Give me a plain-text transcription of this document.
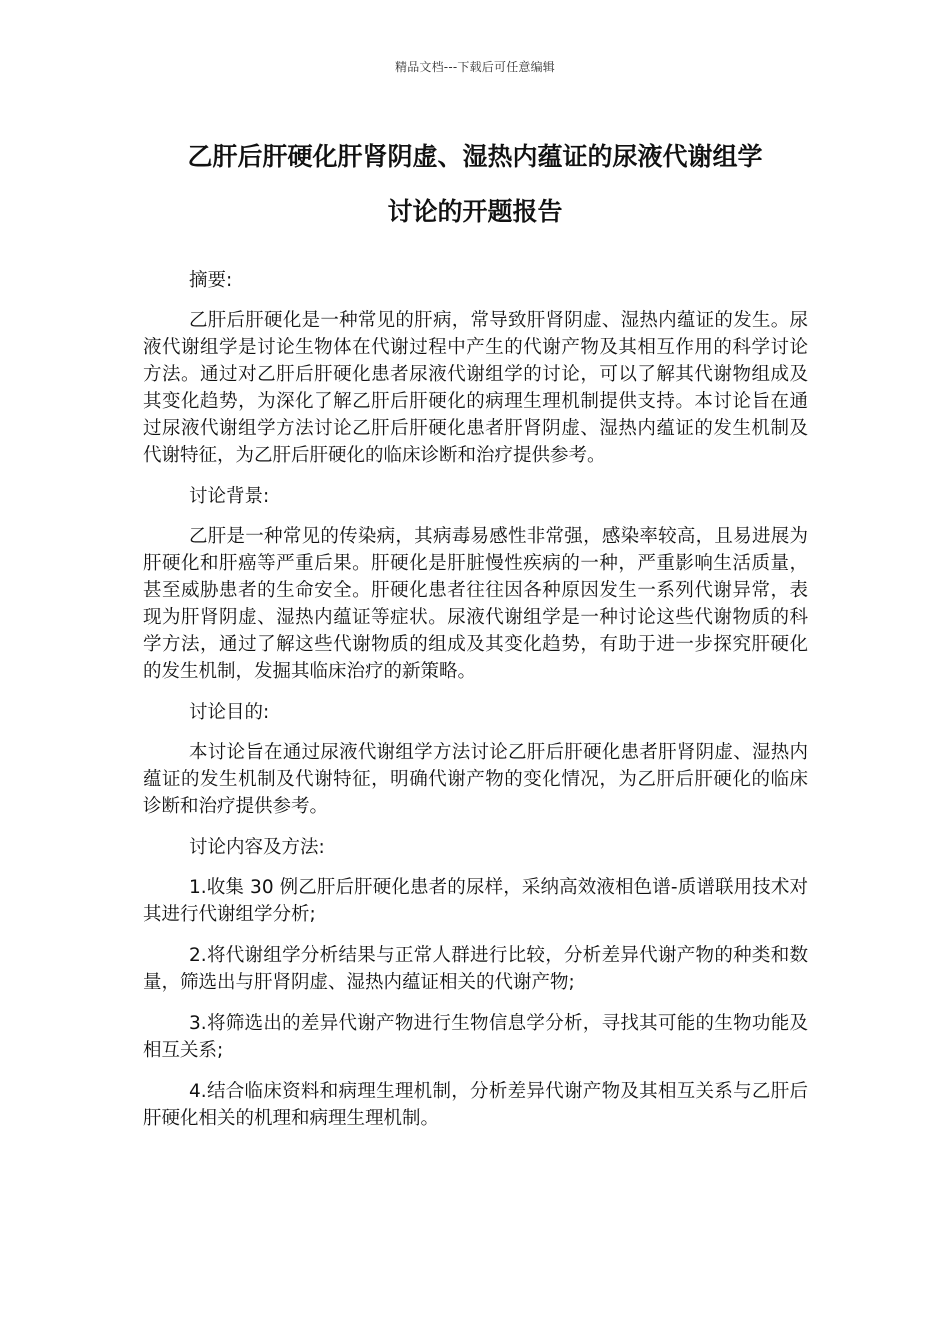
精品文档---下载后可任意编辑
乙肝后肝硬化肝肾阴虚、湿热内蕴证的尿液代谢组学
讨论的开题报告

摘要:

乙肝后肝硬化是一种常见的肝病，常导致肝肾阴虚、湿热内蕴证的发生。尿液代谢组学是讨论生物体在代谢过程中产生的代谢产物及其相互作用的科学讨论方法。通过对乙肝后肝硬化患者尿液代谢组学的讨论，可以了解其代谢物组成及其变化趋势，为深化了解乙肝后肝硬化的病理生理机制提供支持。本讨论旨在通过尿液代谢组学方法讨论乙肝后肝硬化患者肝肾阴虚、湿热内蕴证的发生机制及代谢特征，为乙肝后肝硬化的临床诊断和治疗提供参考。

讨论背景:

乙肝是一种常见的传染病，其病毒易感性非常强，感染率较高，且易进展为肝硬化和肝癌等严重后果。肝硬化是肝脏慢性疾病的一种，严重影响生活质量，甚至威胁患者的生命安全。肝硬化患者往往因各种原因发生一系列代谢异常，表现为肝肾阴虚、湿热内蕴证等症状。尿液代谢组学是一种讨论这些代谢物质的科学方法，通过了解这些代谢物质的组成及其变化趋势，有助于进一步探究肝硬化的发生机制，发掘其临床治疗的新策略。

讨论目的:

本讨论旨在通过尿液代谢组学方法讨论乙肝后肝硬化患者肝肾阴虚、湿热内蕴证的发生机制及代谢特征，明确代谢产物的变化情况，为乙肝后肝硬化的临床诊断和治疗提供参考。

讨论内容及方法:

1.收集 30 例乙肝后肝硬化患者的尿样，采纳高效液相色谱-质谱联用技术对其进行代谢组学分析;

2.将代谢组学分析结果与正常人群进行比较，分析差异代谢产物的种类和数量，筛选出与肝肾阴虚、湿热内蕴证相关的代谢产物;

3.将筛选出的差异代谢产物进行生物信息学分析，寻找其可能的生物功能及相互关系;

4.结合临床资料和病理生理机制，分析差异代谢产物及其相互关系与乙肝后肝硬化相关的机理和病理生理机制。
